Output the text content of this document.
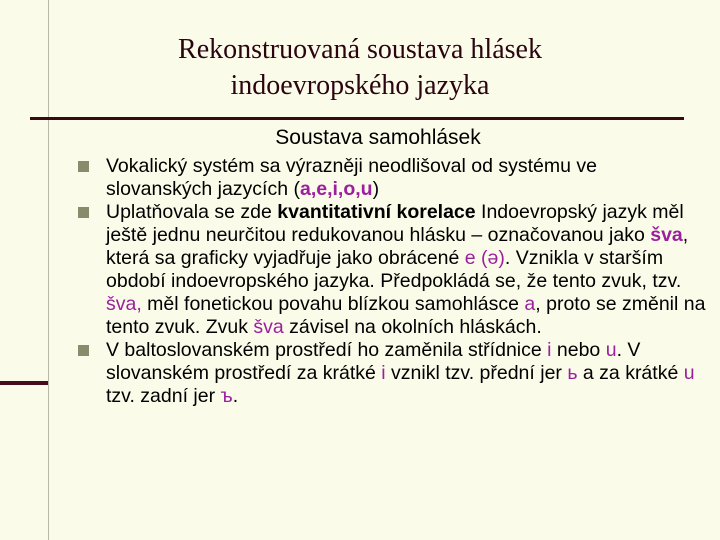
Rekonstruovaná soustava hlásek
indoevropského jazyka
Soustava samohlásek
Vokalický systém sa výrazněji neodlišoval od systému ve slovanských jazycích (a,e,i,o,u)
Uplatňovala se zde kvantitativní korelace Indoevropský jazyk měl ještě jednu neurčitou redukovanou hlásku – označovanou jako šva, která sa graficky vyjadřuje jako obrácené e (ə). Vznikla v starším období indoevropského jazyka. Předpokládá se, že tento zvuk, tzv. šva, měl fonetickou povahu blízkou samohlásce a, proto se změnil na tento zvuk. Zvuk šva závisel na okolních hláskách.
V baltoslovanském prostředí ho zaměnila střídnice i nebo u. V slovanském prostředí za krátké i vznikl tzv. přední jer ь a za krátké u tzv. zadní jer ъ.
